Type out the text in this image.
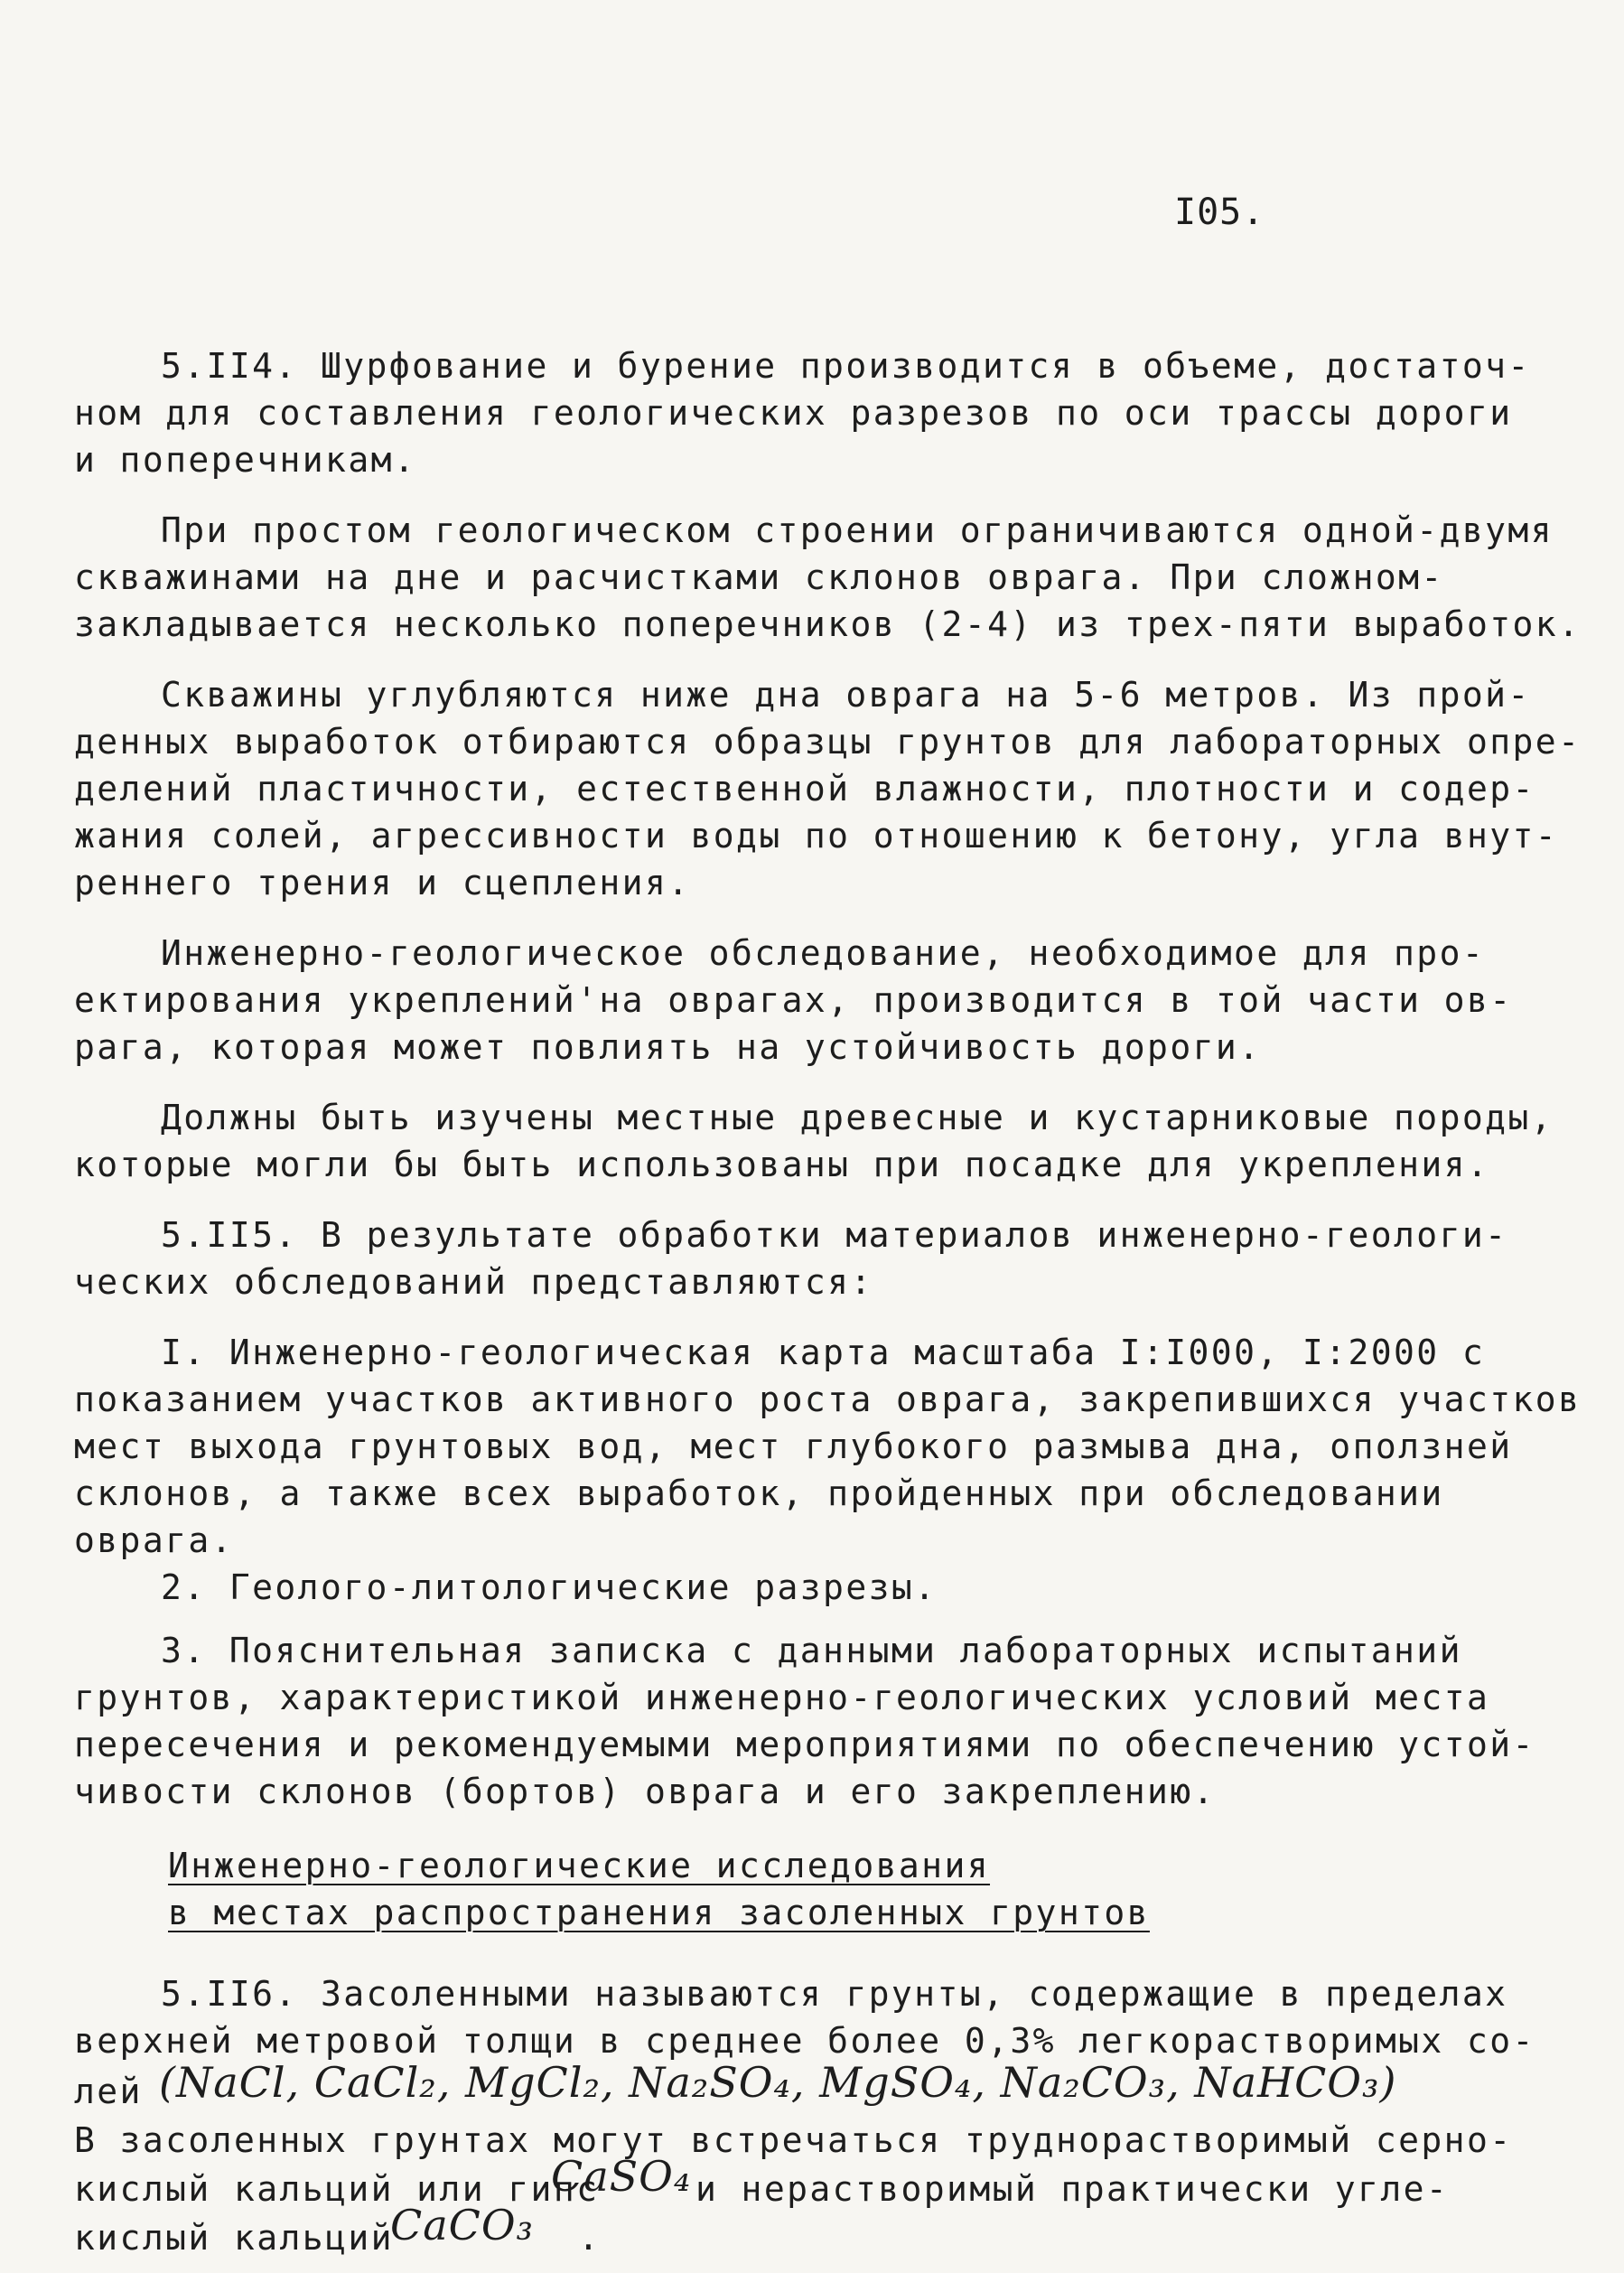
I05.
5.II4. Шурфование и бурение производится в объеме, достаточ-
ном для составления геологических разрезов по оси трассы дороги
и поперечникам.
При простом геологическом строении ограничиваются одной-двумя
скважинами на дне и расчистками склонов оврага. При сложном-
закладывается несколько поперечников (2-4) из трех-пяти выработок.
Скважины углубляются ниже дна оврага на 5-6 метров. Из прой-
денных выработок отбираются образцы грунтов для лабораторных опре-
делений пластичности, естественной влажности, плотности и содер-
жания солей, агрессивности воды по отношению к бетону, угла внут-
реннего трения и сцепления.
Инженерно-геологическое обследование, необходимое для про-
ектирования укреплений'на оврагах, производится в той части ов-
рага, которая может повлиять на устойчивость дороги.
Должны быть изучены местные древесные и кустарниковые породы,
которые могли бы быть использованы при посадке для укрепления.
5.II5. В результате обработки материалов инженерно-геологи-
ческих обследований представляются:
I. Инженерно-геологическая карта масштаба I:I000, I:2000 с
показанием участков активного роста оврага, закрепившихся участков
мест выхода грунтовых вод, мест глубокого размыва дна, оползней
склонов, а также всех выработок, пройденных при обследовании
оврага.
2. Геолого-литологические разрезы.
3. Пояснительная записка с данными лабораторных испытаний
грунтов, характеристикой инженерно-геологических условий места
пересечения и рекомендуемыми мероприятиями по обеспечению устой-
чивости склонов (бортов) оврага и его закреплению.
Инженерно-геологические исследования
в местах распространения засоленных грунтов
5.II6. Засоленными называются грунты, содержащие в пределах
верхней метровой толщи в среднее более 0,3% легкорастворимых со-
лей (NaCl, CaCl₂, MgCl₂, Na₂SO₄, MgSO₄, Na₂CO₃, NaHCO₃)
В засоленных грунтах могут встречаться труднорастворимый серно-
кислый кальций или гипс
CaSO₄ и нерастворимый практически угле-
кислый кальций
CaCO₃ .
